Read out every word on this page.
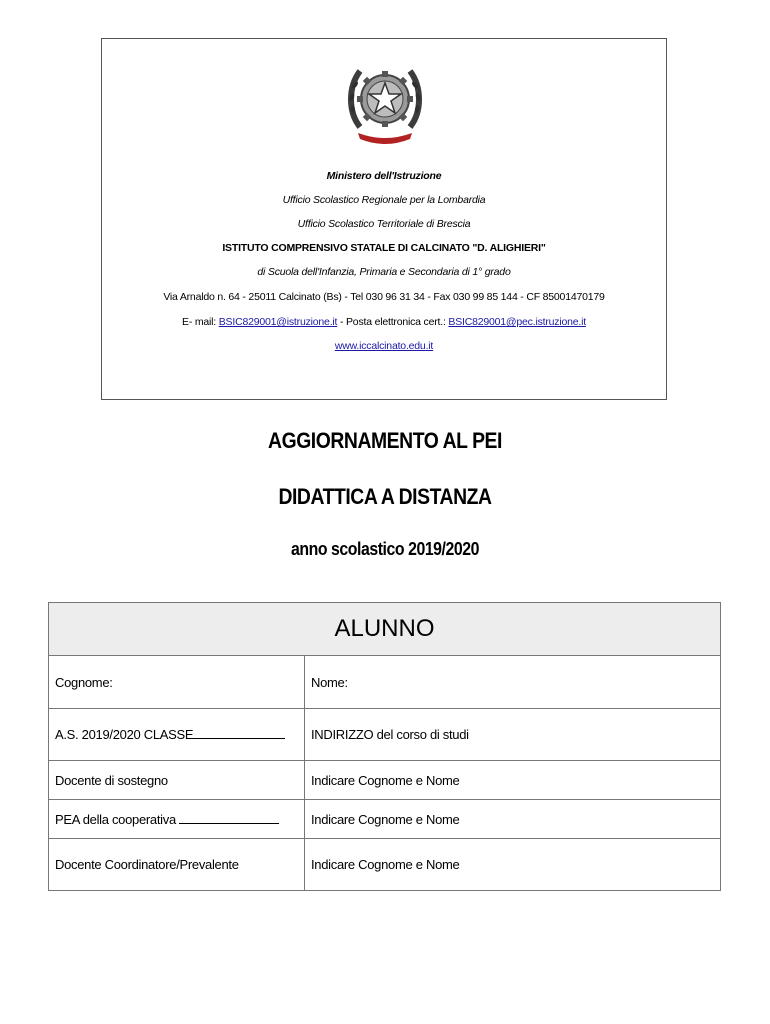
Ministero dell'Istruzione
Ufficio Scolastico Regionale per la Lombardia
Ufficio Scolastico Territoriale di Brescia
ISTITUTO COMPRENSIVO STATALE DI CALCINATO "D. ALIGHIERI"
di Scuola dell'Infanzia, Primaria e Secondaria di 1° grado
Via Arnaldo n. 64 - 25011 Calcinato (Bs) - Tel 030 96 31 34 - Fax 030 99 85 144 - CF 85001470179
E- mail: BSIC829001@istruzione.it - Posta elettronica cert.: BSIC829001@pec.istruzione.it
www.iccalcinato.edu.it
AGGIORNAMENTO AL PEI
DIDATTICA A DISTANZA
anno scolastico 2019/2020
ALUNNO	
Cognome:	Nome:
A.S. 2019/2020 CLASSE	INDIRIZZO del corso di studi
Docente di sostegno	Indicare Cognome e Nome
PEA della cooperativa	Indicare Cognome e Nome
Docente Coordinatore/Prevalente	Indicare Cognome e Nome
